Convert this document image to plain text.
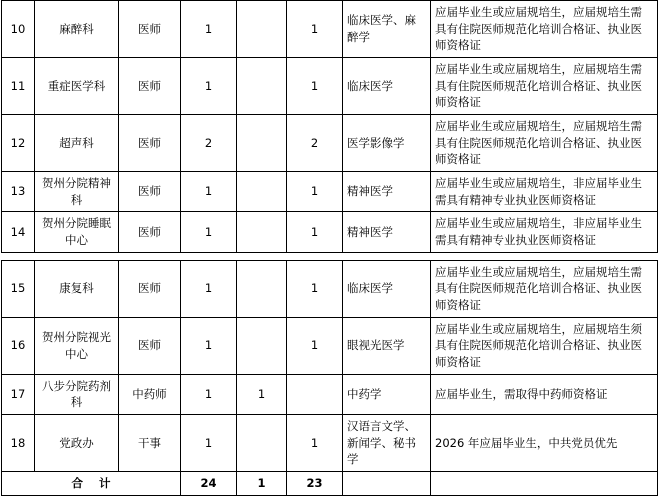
10	麻醉科	医师	1		1	临床医学、麻醉学	应届毕业生或应届规培生，应届规培生需具有住院医师规范化培训合格证、执业医师资格证
11	重症医学科	医师	1		1	临床医学	应届毕业生或应届规培生，应届规培生需具有住院医师规范化培训合格证、执业医师资格证
12	超声科	医师	2		2	医学影像学	应届毕业生或应届规培生，应届规培生需具有住院医师规范化培训合格证、执业医师资格证
13	贺州分院精神科	医师	1		1	精神医学	应届毕业生或应届规培生，非应届毕业生需具有精神专业执业医师资格证
14	贺州分院睡眠中心	医师	1		1	精神医学	应届毕业生或应届规培生，非应届毕业生需具有精神专业执业医师资格证

15	康复科	医师	1		1	临床医学	应届毕业生或应届规培生，应届规培生需具有住院医师规范化培训合格证、执业医师资格证
16	贺州分院视光中心	医师	1		1	眼视光医学	应届毕业生或应届规培生，应届规培生须具有住院医师规范化培训合格证、执业医师资格证
17	八步分院药剂科	中药师	1	1		中药学	应届毕业生，需取得中药师资格证
18	党政办	干事	1		1	汉语言文学、新闻学、秘书学	2026 年应届毕业生，中共党员优先
合 计			24	1	23		
